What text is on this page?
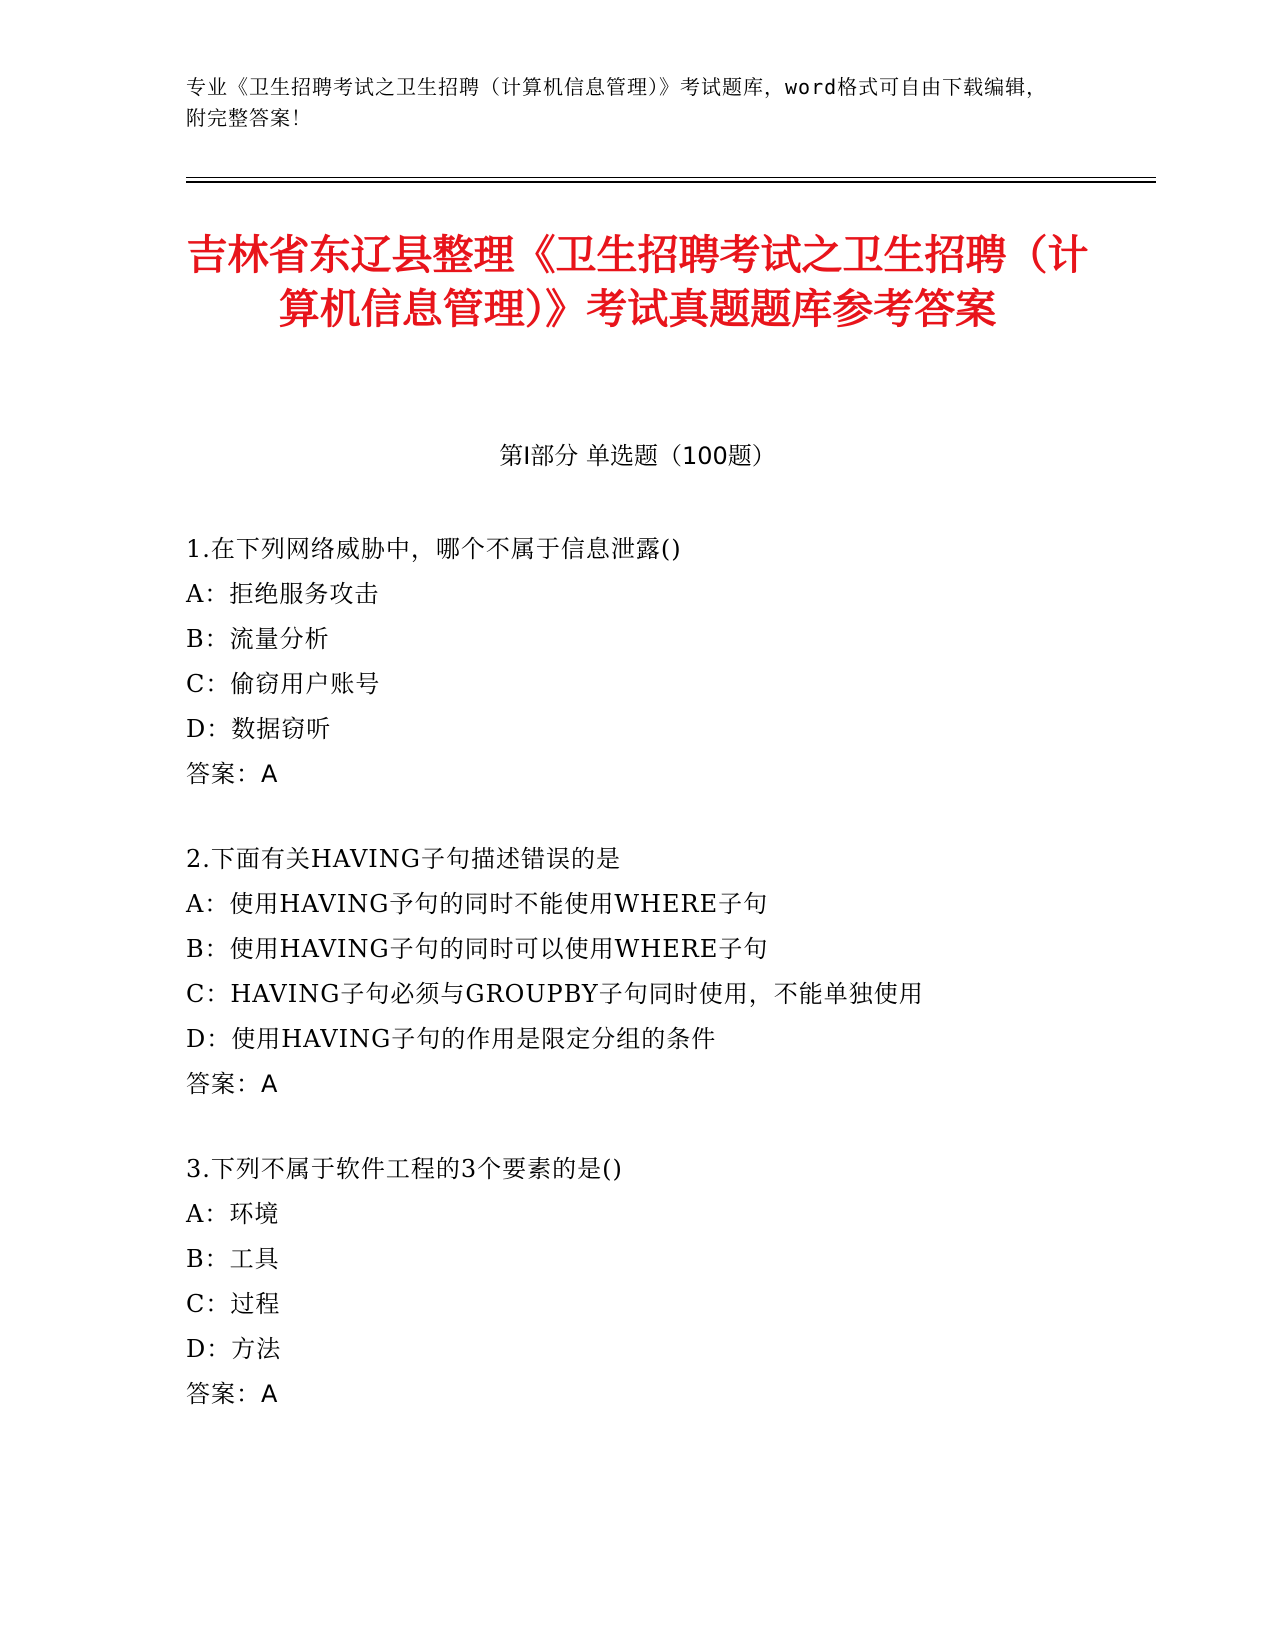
专业《卫生招聘考试之卫生招聘（计算机信息管理）》考试题库，word格式可自由下载编辑，附完整答案！
吉林省东辽县整理《卫生招聘考试之卫生招聘（计算机信息管理）》考试真题题库参考答案
第Ⅰ部分 单选题（100题）
1.在下列网络威胁中，哪个不属于信息泄露()
A：拒绝服务攻击
B：流量分析
C：偷窃用户账号
D：数据窃听
答案：A
2.下面有关HAVING子句描述错误的是
A：使用HAVING予句的同时不能使用WHERE子句
B：使用HAVING子句的同时可以使用WHERE子句
C：HAVING子句必须与GROUPBY子句同时使用，不能单独使用
D：使用HAVING子句的作用是限定分组的条件
答案：A
3.下列不属于软件工程的3个要素的是()
A：环境
B：工具
C：过程
D：方法
答案：A
